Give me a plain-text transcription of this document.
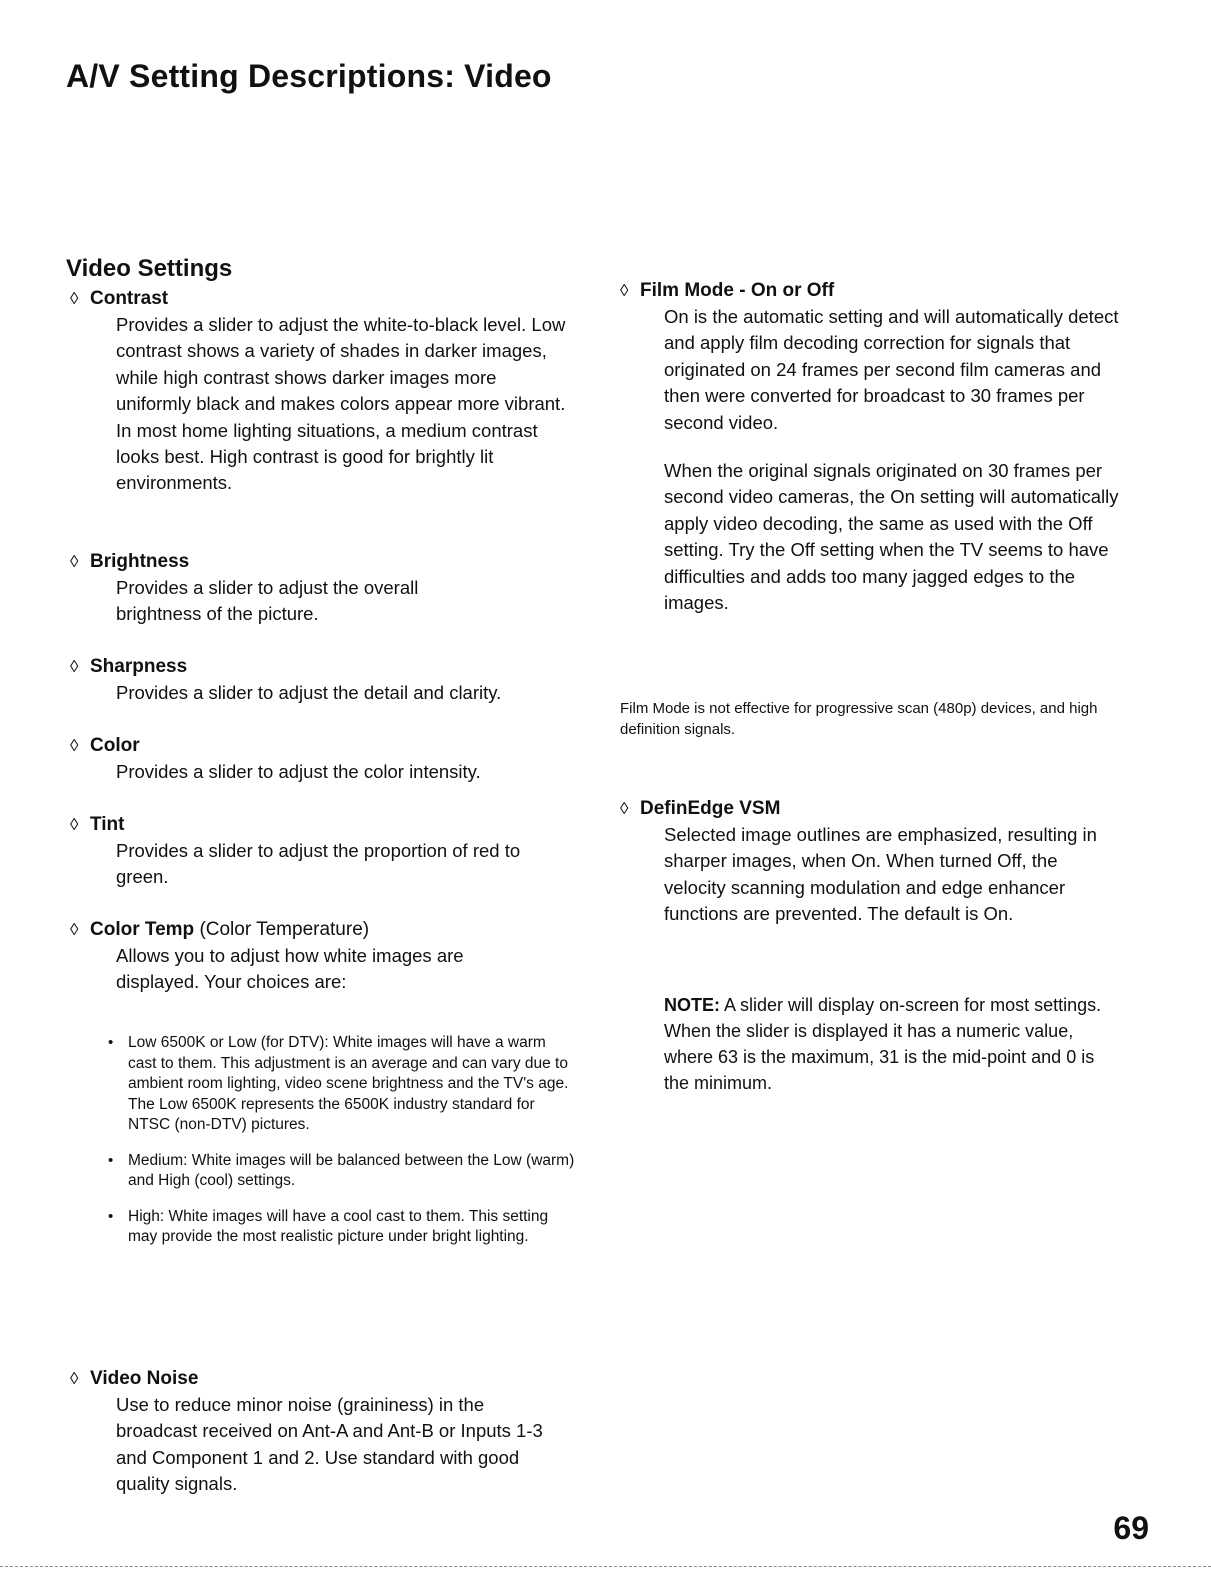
A/V Setting Descriptions: Video
Video Settings
◊ Contrast

Provides a slider to adjust the white-to-black level. Low contrast shows a variety of shades in darker images, while high contrast shows darker images more uniformly black and makes colors appear more vibrant. In most home lighting situations, a medium contrast looks best. High contrast is good for brightly lit environments.

◊ Brightness

Provides a slider to adjust the overall brightness of the picture.

◊ Sharpness

Provides a slider to adjust the detail and clarity.

◊ Color

Provides a slider to adjust the color intensity.

◊ Tint

Provides a slider to adjust the proportion of red to green.

◊ Color Temp (Color Temperature)

Allows you to adjust how white images are displayed. Your choices are:

• Low 6500K or Low (for DTV): White images will have a warm cast to them. This adjustment is an average and can vary due to ambient room lighting, video scene brightness and the TV's age. The Low 6500K represents the 6500K industry standard for NTSC (non-DTV) pictures.
• Medium: White images will be balanced between the Low (warm) and High (cool) settings.
• High: White images will have a cool cast to them. This setting may provide the most realistic picture under bright lighting.
◊ Video Noise

Use to reduce minor noise (graininess) in the broadcast received on Ant-A and Ant-B or Inputs 1-3 and Component 1 and 2. Use standard with good quality signals.

◊ Film Mode - On or Off

On is the automatic setting and will automatically detect and apply film decoding correction for signals that originated on 24 frames per second film cameras and then were converted for broadcast to 30 frames per second video.

When the original signals originated on 30 frames per second video cameras, the On setting will automatically apply video decoding, the same as used with the Off setting. Try the Off setting when the TV seems to have difficulties and adds too many jagged edges to the images.

Film Mode is not effective for progressive scan (480p) devices, and high definition signals.

◊ DefinEdge VSM

Selected image outlines are emphasized, resulting in sharper images, when On. When turned Off, the velocity scanning modulation and edge enhancer functions are prevented. The default is On.

NOTE: A slider will display on-screen for most settings. When the slider is displayed it has a numeric value, where 63 is the maximum, 31 is the mid-point and 0 is the minimum.

69
